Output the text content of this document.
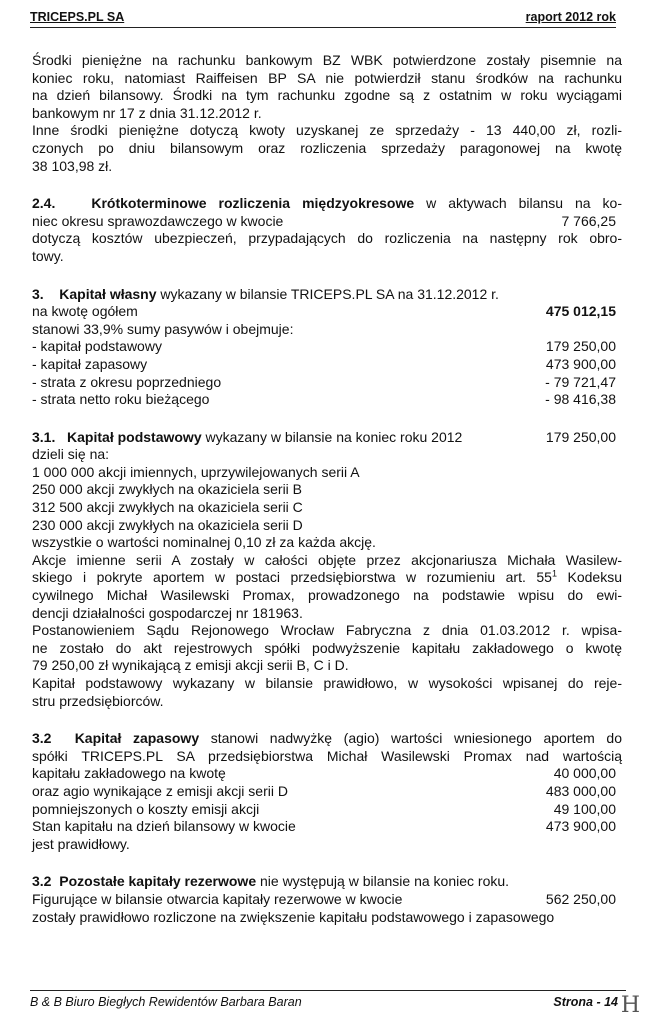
TRICEPS.PL SA	raport 2012 rok
Środki pieniężne na rachunku bankowym BZ WBK potwierdzone zostały pisemnie na
koniec roku, natomiast Raiffeisen BP SA nie potwierdził stanu środków na rachunku
na dzień bilansowy. Środki na tym rachunku zgodne są z ostatnim w roku wyciągami
bankowym nr 17 z dnia 31.12.2012 r.
Inne środki pieniężne dotyczą kwoty uzyskanej ze sprzedaży - 13 440,00 zł, rozli-
czonych po dniu bilansowym oraz rozliczenia sprzedaży paragonowej na kwotę
38 103,98 zł.
2.4.	Krótkoterminowe rozliczenia międzyokresowe w aktywach bilansu na ko-
niec okresu sprawozdawczego w kwocie	7 766,25
dotyczą kosztów ubezpieczeń, przypadających do rozliczenia na następny rok obro-
towy.
3. Kapitał własny wykazany w bilansie TRICEPS.PL SA na 31.12.2012 r.
na kwotę ogółem	475 012,15
stanowi 33,9% sumy pasywów i obejmuje:
- kapitał podstawowy	179 250,00
- kapitał zapasowy	473 900,00
- strata z okresu poprzedniego	- 79 721,47
- strata netto roku bieżącego	- 98 416,38
3.1. Kapitał podstawowy wykazany w bilansie na koniec roku 2012	179 250,00
dzieli się na:
1 000 000 akcji imiennych, uprzywilejowanych serii A
250 000 akcji zwykłych na okaziciela serii B
312 500 akcji zwykłych na okaziciela serii C
230 000 akcji zwykłych na okaziciela serii D
wszystkie o wartości nominalnej 0,10 zł za każda akcję.
Akcje imienne serii A zostały w całości objęte przez akcjonariusza Michała Wasilew-
skiego i pokryte aportem w postaci przedsiębiorstwa w rozumieniu art. $55^1$ Kodeksu
cywilnego Michał Wasilewski Promax, prowadzonego na podstawie wpisu do ewi-
dencji działalności gospodarczej nr 181963.
Postanowieniem Sądu Rejonowego Wrocław Fabryczna z dnia 01.03.2012 r. wpisa-
ne zostało do akt rejestrowych spółki podwyższenie kapitału zakładowego o kwotę
79 250,00 zł wynikającą z emisji akcji serii B, C i D.
Kapitał podstawowy wykazany w bilansie prawidłowo, w wysokości wpisanej do reje-
stru przedsiębiorców.
3.2 Kapitał zapasowy stanowi nadwyżkę (agio) wartości wniesionego aportem do
spółki TRICEPS.PL SA przedsiębiorstwa Michał Wasilewski Promax nad wartością
kapitału zakładowego na kwotę	40 000,00
oraz agio wynikające z emisji akcji serii D	483 000,00
pomniejszonych o koszty emisji akcji	49 100,00
Stan kapitału na dzień bilansowy w kwocie	473 900,00
jest prawidłowy.
3.2 Pozostałe kapitały rezerwowe nie występują w bilansie na koniec roku.
Figurujące w bilansie otwarcia kapitały rezerwowe w kwocie	562 250,00
zostały prawidłowo rozliczone na zwiększenie kapitału podstawowego i zapasowego
B & B Biuro Biegłych Rewidentów Barbara Baran	Strona - 14 H
